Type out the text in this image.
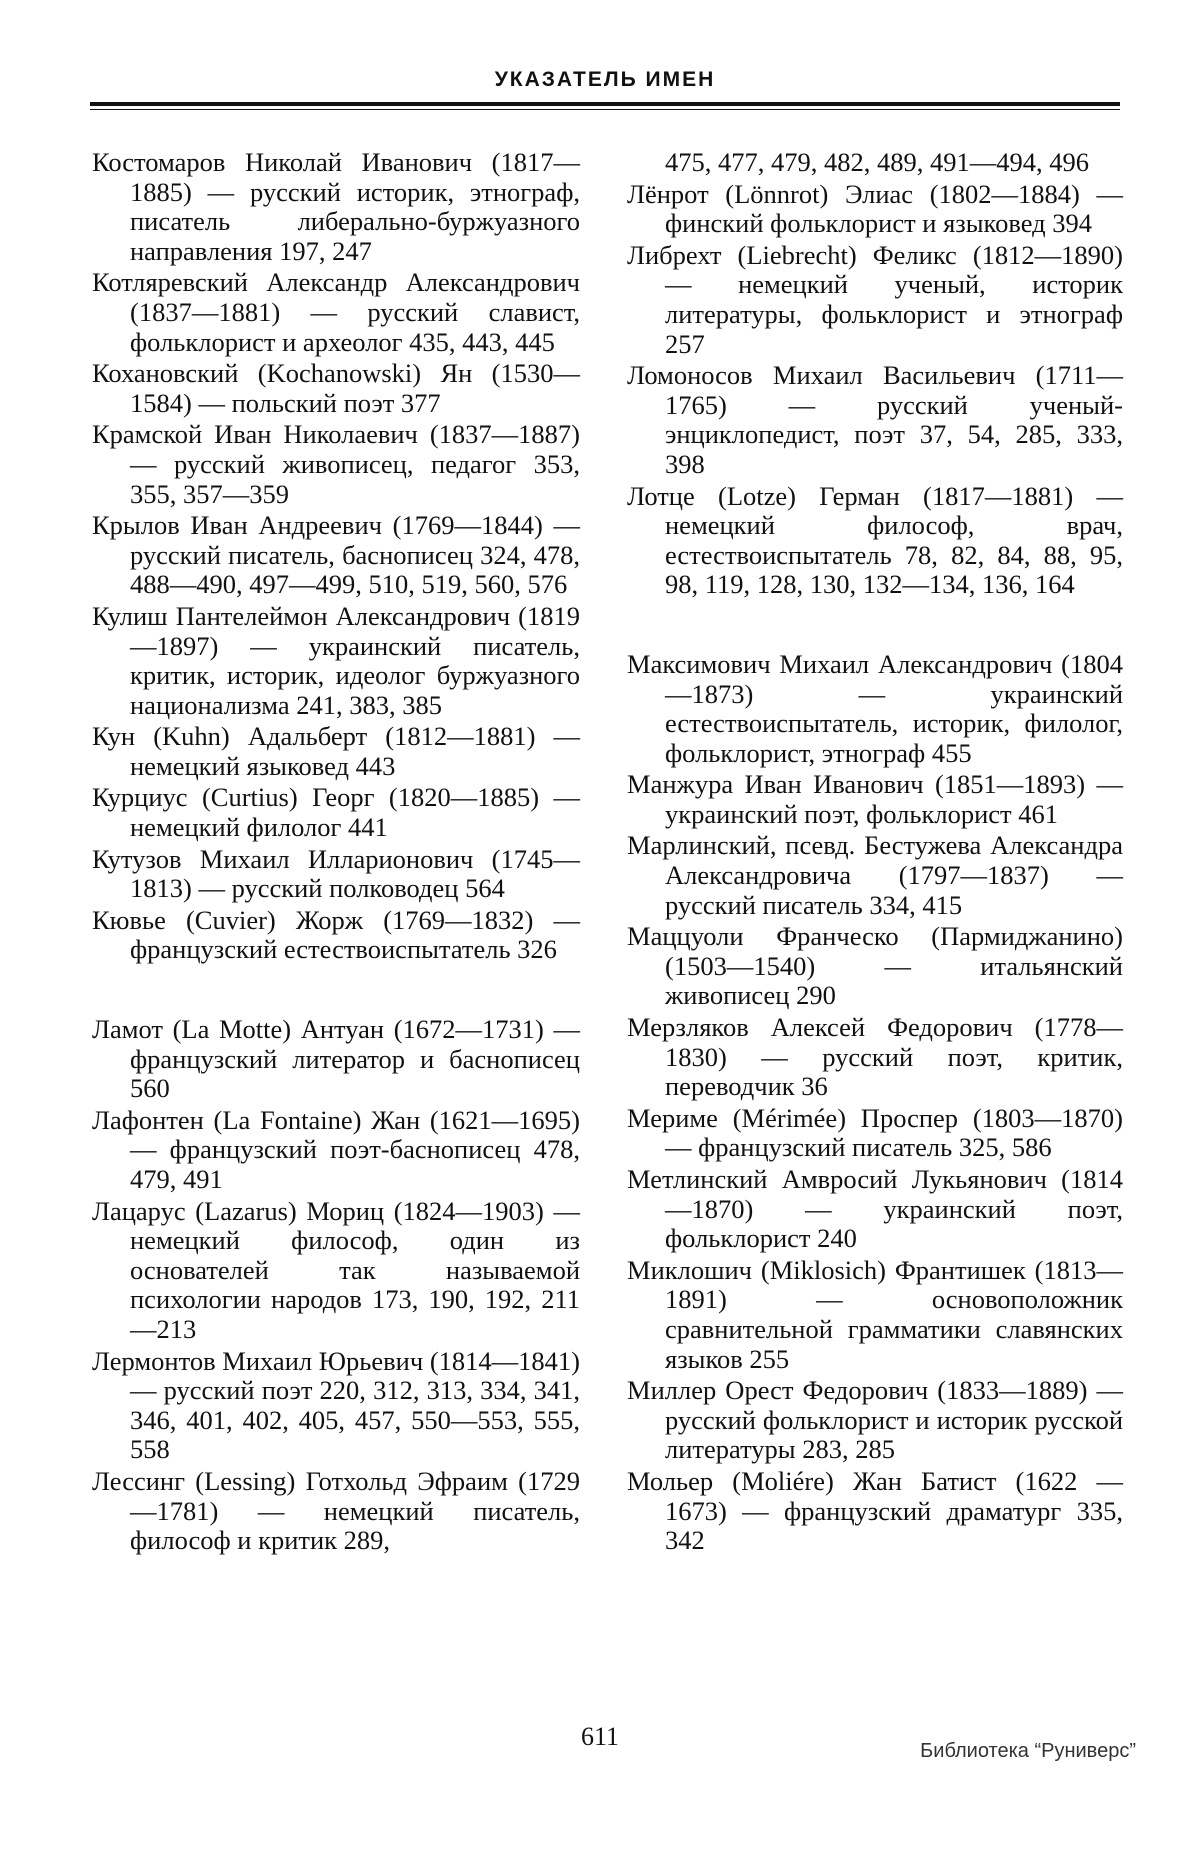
УКАЗАТЕЛЬ ИМЕН

Костомаров Николай Иванович (1817—1885) — русский историк, этнограф, писатель либерально-буржуазного направления 197, 247

Котляревский Александр Александрович (1837—1881) — русский славист, фольклорист и археолог 435, 443, 445

Кохановский (Kochanowski) Ян (1530—1584) — польский поэт 377

Крамской Иван Николаевич (1837—1887) — русский живописец, педагог 353, 355, 357—359

Крылов Иван Андреевич (1769—1844) — русский писатель, баснописец 324, 478, 488—490, 497—499, 510, 519, 560, 576

Кулиш Пантелеймон Александрович (1819—1897) — украинский писатель, критик, историк, идеолог буржуазного национализма 241, 383, 385

Кун (Kuhn) Адальберт (1812—1881) — немецкий языковед 443

Курциус (Curtius) Георг (1820—1885) — немецкий филолог 441

Кутузов Михаил Илларионович (1745—1813) — русский полководец 564

Кювье (Cuvier) Жорж (1769—1832) — французский естествоиспытатель 326

Ламот (La Motte) Антуан (1672—1731) — французский литератор и баснописец 560

Лафонтен (La Fontaine) Жан (1621—1695) — французский поэт-баснописец 478, 479, 491

Лацарус (Lazarus) Мориц (1824—1903) — немецкий философ, один из основателей так называемой психологии народов 173, 190, 192, 211—213

Лермонтов Михаил Юрьевич (1814—1841) — русский поэт 220, 312, 313, 334, 341, 346, 401, 402, 405, 457, 550—553, 555, 558

Лессинг (Lessing) Готхольд Эфраим (1729—1781) — немецкий писатель, философ и критик 289,

475, 477, 479, 482, 489, 491—494, 496

Лёнрот (Lönnrot) Элиас (1802—1884) — финский фольклорист и языковед 394

Либрехт (Liebrecht) Феликс (1812—1890) — немецкий ученый, историк литературы, фольклорист и этнограф 257

Ломоносов Михаил Васильевич (1711—1765) — русский ученый-энциклопедист, поэт 37, 54, 285, 333, 398

Лотце (Lotze) Герман (1817—1881) — немецкий философ, врач, естествоиспытатель 78, 82, 84, 88, 95, 98, 119, 128, 130, 132—134, 136, 164

Максимович Михаил Александрович (1804—1873) — украинский естествоиспытатель, историк, филолог, фольклорист, этнограф 455

Манжура Иван Иванович (1851—1893) — украинский поэт, фольклорист 461

Марлинский, псевд. Бестужева Александра Александровича (1797—1837) — русский писатель 334, 415

Маццуоли Франческо (Пармиджанино) (1503—1540) — итальянский живописец 290

Мерзляков Алексей Федорович (1778—1830) — русский поэт, критик, переводчик 36

Мериме (Mérimée) Проспер (1803—1870) — французский писатель 325, 586

Метлинский Амвросий Лукьянович (1814—1870) — украинский поэт, фольклорист 240

Миклошич (Miklosich) Франтишек (1813—1891) — основоположник сравнительной грамматики славянских языков 255

Миллер Орест Федорович (1833—1889) — русский фольклорист и историк русской литературы 283, 285

Мольер (Moliére) Жан Батист (1622 — 1673) — французский драматург 335, 342

611	Библиотека “Руниверс”
